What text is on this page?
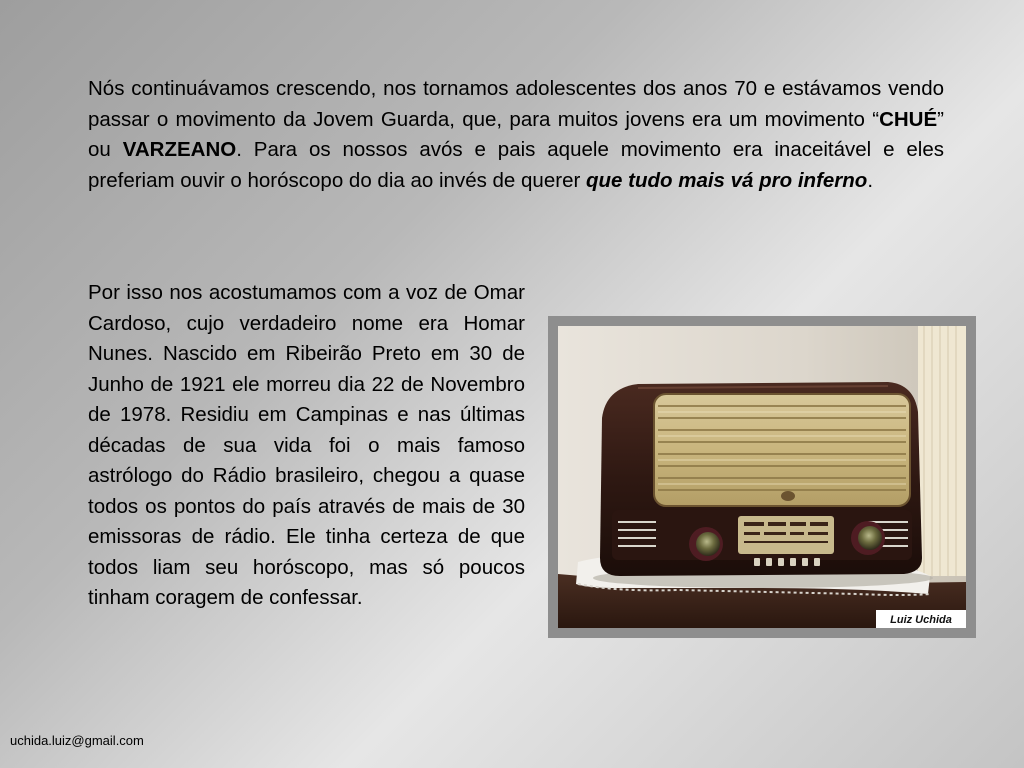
Nós continuávamos crescendo, nos tornamos adolescentes dos anos 70 e estávamos vendo passar o movimento da Jovem Guarda, que, para muitos jovens era um movimento “CHUÉ” ou VARZEANO. Para os nossos avós e pais aquele movimento era inaceitável e eles preferiam ouvir o horóscopo do dia ao invés de querer que tudo mais vá pro inferno.

Por isso nos acostumamos com a voz de Omar Cardoso, cujo verdadeiro nome era Homar Nunes. Nascido em Ribeirão Preto em 30 de Junho de 1921 ele morreu dia 22 de Novembro de 1978. Residiu em Campinas e nas últimas décadas de sua vida foi o mais famoso astrólogo do Rádio brasileiro, chegou a quase todos os pontos do país através de mais de 30 emissoras de rádio. Ele tinha certeza de que todos liam seu horóscopo, mas só poucos tinham coragem de confessar.

Luiz Uchida

uchida.luiz@gmail.com
